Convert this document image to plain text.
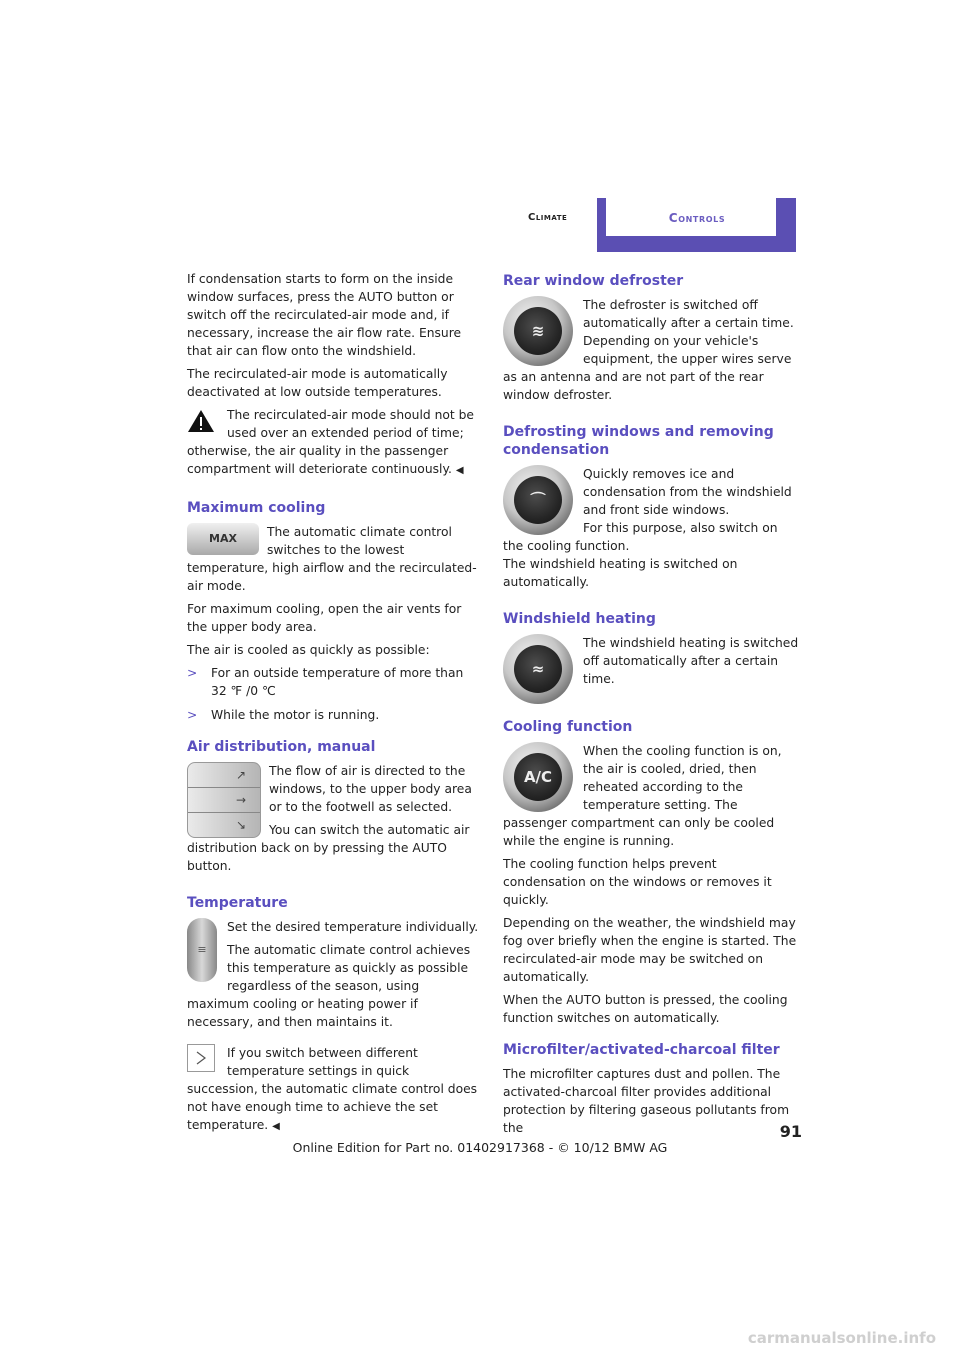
Climate	Controls

If condensation starts to form on the inside window surfaces, press the AUTO button or switch off the recirculated-air mode and, if necessary, increase the air flow rate. Ensure that air can flow onto the windshield.

The recirculated-air mode is automatically deactivated at low outside temperatures.

The recirculated-air mode should not be used over an extended period of time; otherwise, the air quality in the passenger compartment will deteriorate continuously. ◀

Maximum cooling
MAX	The automatic climate control switches to the lowest temperature, high airflow and the recirculated-air mode.

For maximum cooling, open the air vents for the upper body area.

The air is cooled as quickly as possible:

>	For an outside temperature of more than 32 ℉ /0 ℃
>	While the motor is running.
Air distribution, manual
↗
→
↘

The flow of air is directed to the windows, to the upper body area or to the footwell as selected.

You can switch the automatic air distribution back on by pressing the AUTO button.

Temperature
≡

Set the desired temperature individually.

The automatic climate control achieves this temperature as quickly as possible regardless of the season, using maximum cooling or heating power if necessary, and then maintains it.

If you switch between different temperature settings in quick succession, the automatic climate control does not have enough time to achieve the set temperature. ◀

Rear window defroster
≋

The defroster is switched off automatically after a certain time. Depending on your vehicle's equipment, the upper wires serve as an antenna and are not part of the rear window defroster.

Defrosting windows and removing condensation
⌒

Quickly removes ice and condensation from the windshield and front side windows.

For this purpose, also switch on the cooling function.

The windshield heating is switched on automatically.

Windshield heating
≈

The windshield heating is switched off automatically after a certain time.

Cooling function
A/C

When the cooling function is on, the air is cooled, dried, then reheated according to the temperature setting. The passenger compartment can only be cooled while the engine is running.

The cooling function helps prevent condensation on the windows or removes it quickly.

Depending on the weather, the windshield may fog over briefly when the engine is started. The recirculated-air mode may be switched on automatically.

When the AUTO button is pressed, the cooling function switches on automatically.

Microfilter/activated-charcoal filter

The microfilter captures dust and pollen. The activated-charcoal filter provides additional protection by filtering gaseous pollutants from the	91
Online Edition for Part no. 01402917368 - © 10/12 BMW AG
carmanualsonline.info
